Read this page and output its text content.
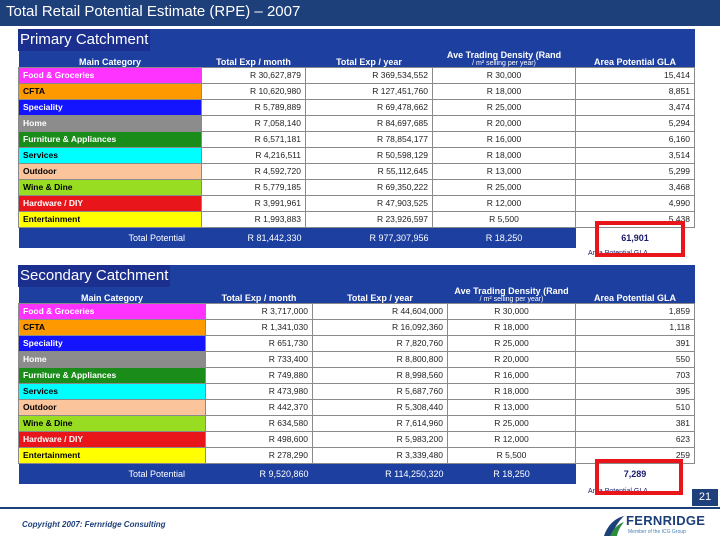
Total Retail Potential Estimate (RPE) – 2007
Main Category	Total Exp / month	Total Exp / year	Ave Trading Density (Rand
/ m² selling per year)	Area Potential GLA
Food & Groceries	R 30,627,879	R 369,534,552	R 30,000	15,414
CFTA	R 10,620,980	R 127,451,760	R 18,000	8,851
Speciality	R 5,789,889	R 69,478,662	R 25,000	3,474
Home	R 7,058,140	R 84,697,685	R 20,000	5,294
Furniture & Appliances	R 6,571,181	R 78,854,177	R 16,000	6,160
Services	R 4,216,511	R 50,598,129	R 18,000	3,514
Outdoor	R 4,592,720	R 55,112,645	R 13,000	5,299
Wine & Dine	R 5,779,185	R 69,350,222	R 25,000	3,468
Hardware / DIY	R 3,991,961	R 47,903,525	R 12,000	4,990
Entertainment	R 1,993,883	R 23,926,597	R 5,500	5,438
Total Potential	R 81,442,330	R 977,307,956	R 18,250	61,901
Primary Catchment
Area Potential GLA
Main Category	Total Exp / month	Total Exp / year	Ave Trading Density (Rand
/ m² selling per year)	Area Potential GLA
Food & Groceries	R 3,717,000	R 44,604,000	R 30,000	1,859
CFTA	R 1,341,030	R 16,092,360	R 18,000	1,118
Speciality	R 651,730	R 7,820,760	R 25,000	391
Home	R 733,400	R 8,800,800	R 20,000	550
Furniture & Appliances	R 749,880	R 8,998,560	R 16,000	703
Services	R 473,980	R 5,687,760	R 18,000	395
Outdoor	R 442,370	R 5,308,440	R 13,000	510
Wine & Dine	R 634,580	R 7,614,960	R 25,000	381
Hardware / DIY	R 498,600	R 5,983,200	R 12,000	623
Entertainment	R 278,290	R 3,339,480	R 5,500	259
Total Potential	R 9,520,860	R 114,250,320	R 18,250	7,289
Secondary Catchment
Area Potential GLA	21
Copyright 2007: Fernridge Consulting	FERNRIDGE
Member of the ICG Group
